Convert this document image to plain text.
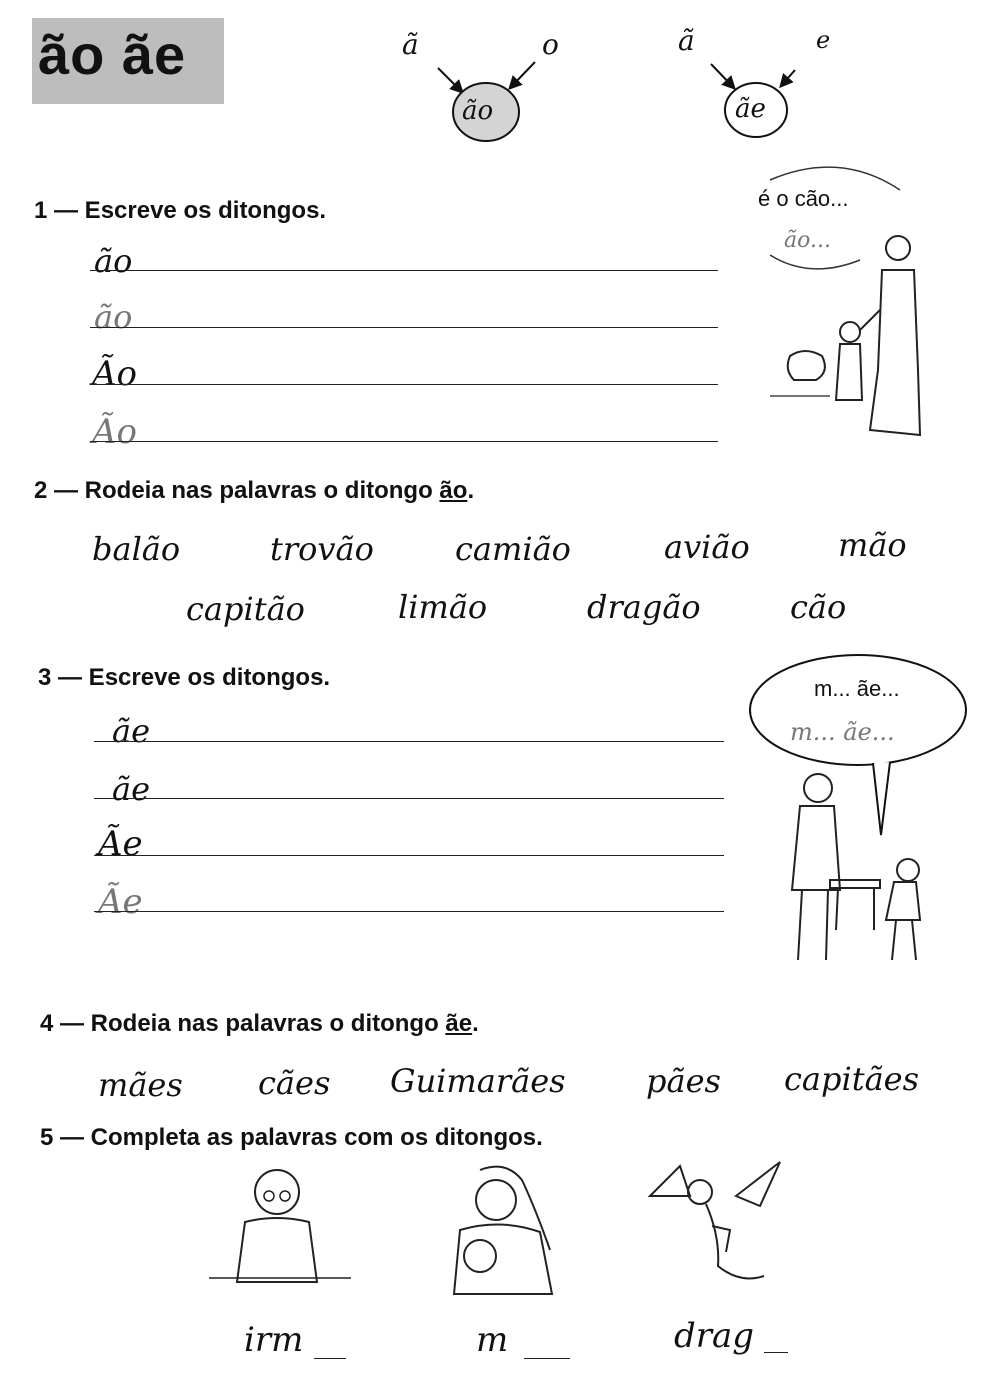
ão ãe	ã	o
ão
ã	e
ãe
1 — Escreve os ditongos.
ão
ão
Ão
Ão
é o cão...
ão...
2 — Rodeia nas palavras o ditongo ão.
balão	trovão	camião	avião	mão
capitão	limão	dragão	cão
3 — Escreve os ditongos.
ãe
ãe
Ãe
Ãe
m... ãe...
m... ãe...
4 — Rodeia nas palavras o ditongo ãe.
mães cães Guimarães	pães capitães
5 — Completa as palavras com os ditongos.
irm	m	drag
